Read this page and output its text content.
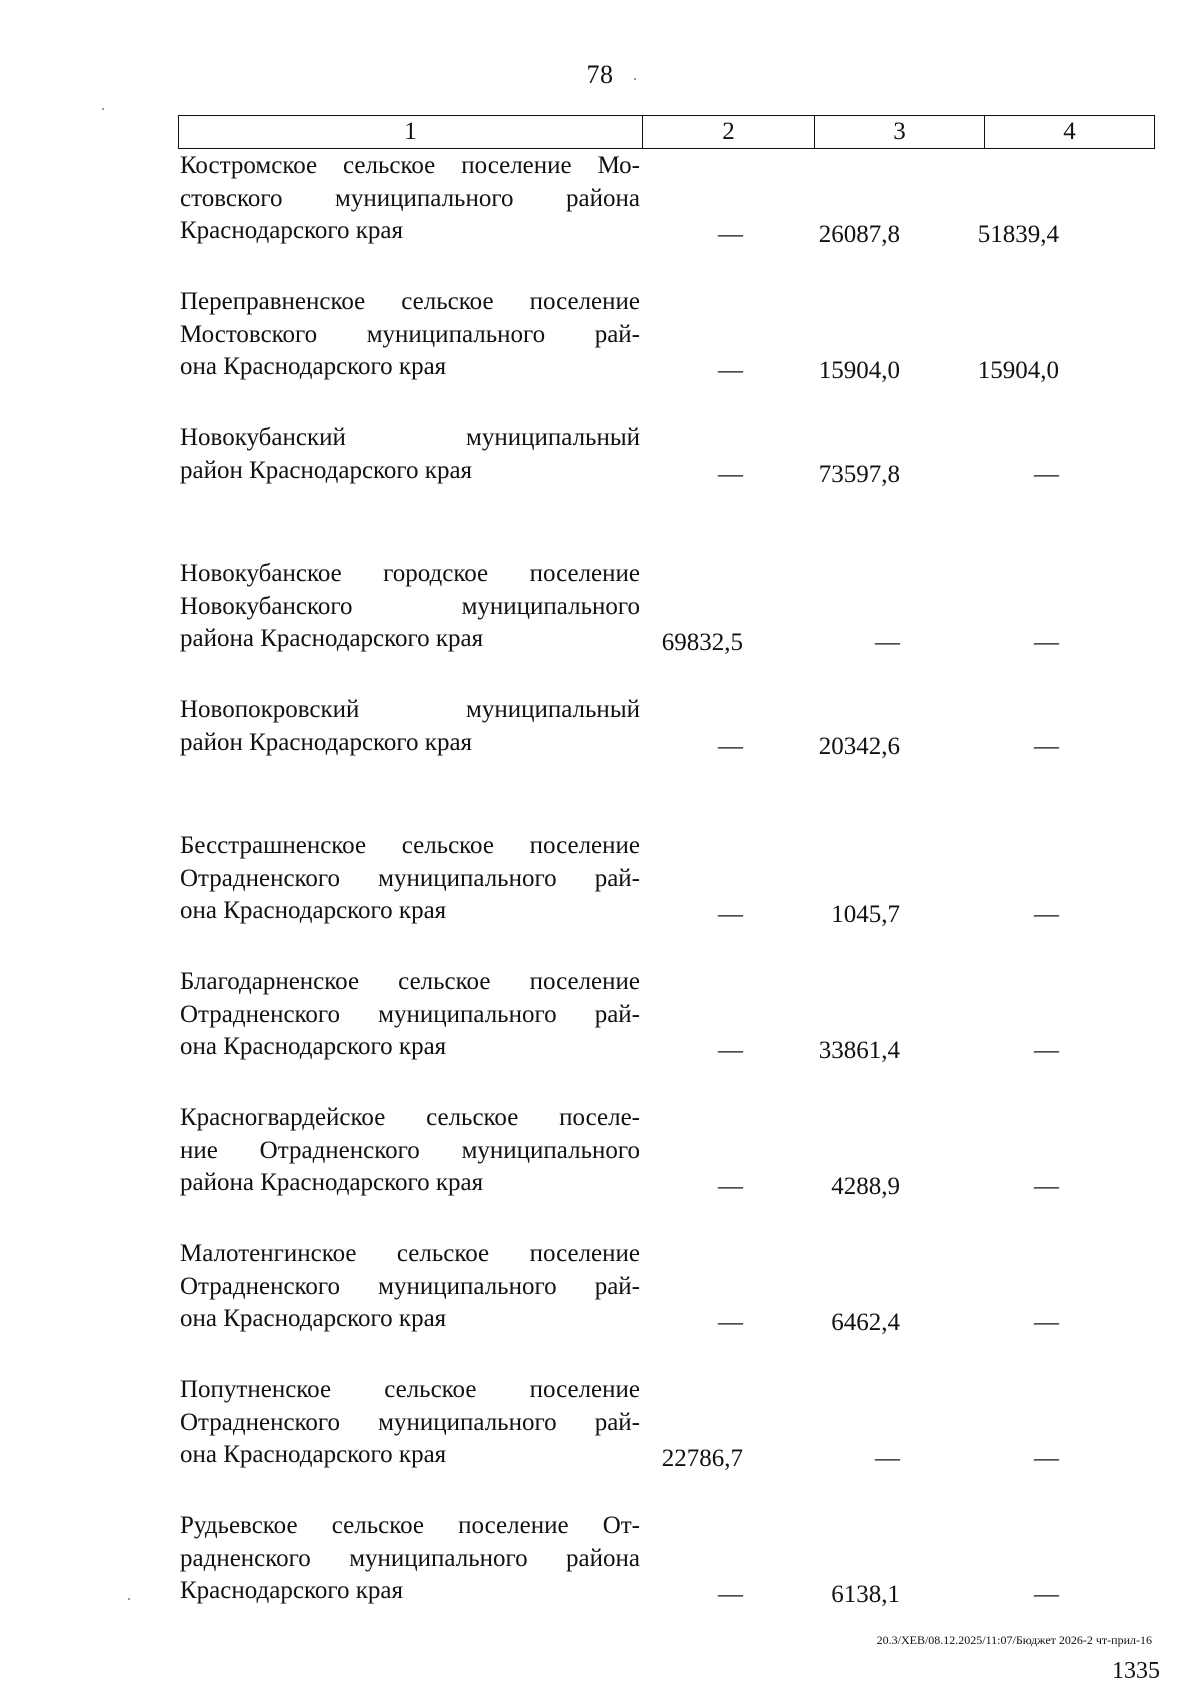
78
1	2	3	4
Костромское сельское поселение Мо-
стовского муниципального района
Краснодарского края	—	26087,8	51839,4
Переправненское сельское поселение
Мостовского муниципального рай-
она Краснодарского края	—	15904,0	15904,0
Новокубанский муниципальный
район Краснодарского края	—	73597,8	—
Новокубанское городское поселение
Новокубанского муниципального
района Краснодарского края	69832,5	—	—
Новопокровский муниципальный
район Краснодарского края	—	20342,6	—
Бесстрашненское сельское поселение
Отрадненского муниципального рай-
она Краснодарского края	—	1045,7	—
Благодарненское сельское поселение
Отрадненского муниципального рай-
она Краснодарского края	—	33861,4	—
Красногвардейское сельское поселе-
ние Отрадненского муниципального
района Краснодарского края	—	4288,9	—
Малотенгинское сельское поселение
Отрадненского муниципального рай-
она Краснодарского края	—	6462,4	—
Попутненское сельское поселение
Отрадненского муниципального рай-
она Краснодарского края	22786,7	—	—
Рудьевское сельское поселение От-
радненского муниципального района
Краснодарского края	—	6138,1	—
20.3/ХЕВ/08.12.2025/11:07/Бюджет 2026-2 чт-прил-16
1335
